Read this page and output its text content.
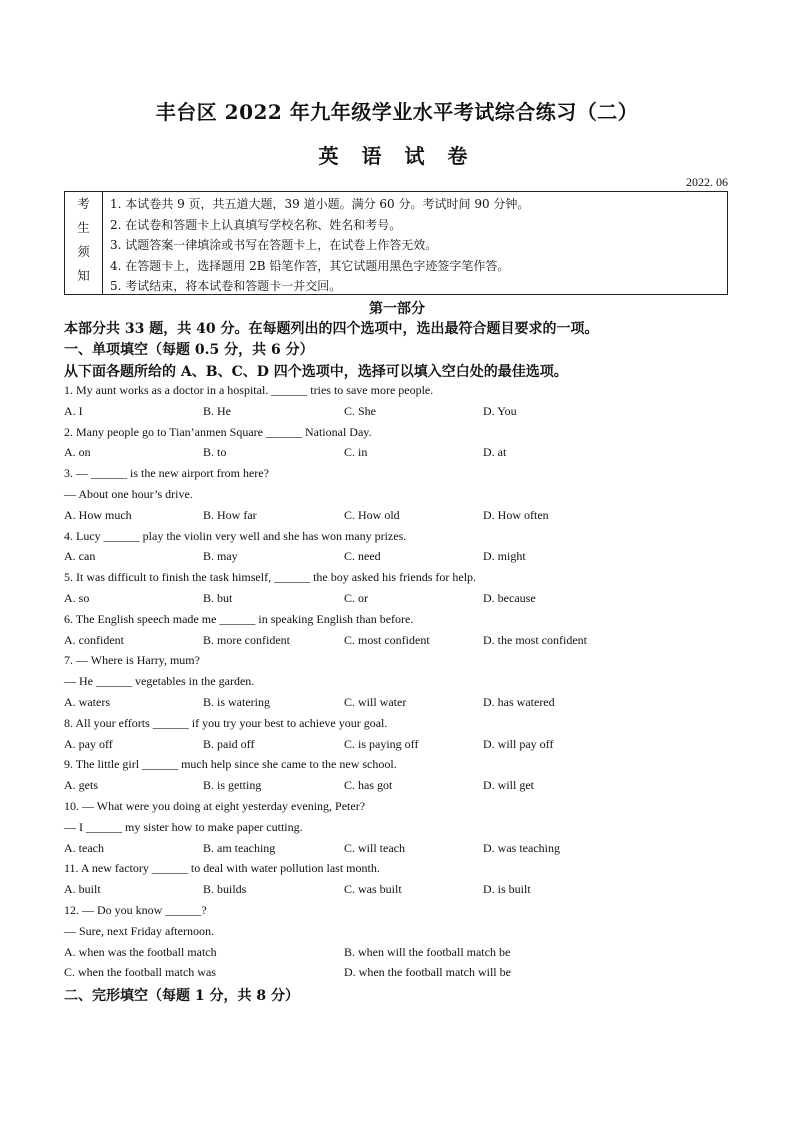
丰台区 2022 年九年级学业水平考试综合练习（二）
英 语 试 卷
2022. 06
考
生
须
知
1. 本试卷共 9 页，共五道大题，39 道小题。满分 60 分。考试时间 90 分钟。
2. 在试卷和答题卡上认真填写学校名称、姓名和考号。
3. 试题答案一律填涂或书写在答题卡上，在试卷上作答无效。
4. 在答题卡上，选择题用 2B 铅笔作答，其它试题用黑色字迹签字笔作答。
5. 考试结束，将本试卷和答题卡一并交回。
第一部分
本部分共 33 题，共 40 分。在每题列出的四个选项中，选出最符合题目要求的一项。
一、单项填空（每题 0.5 分，共 6 分）
从下面各题所给的 A、B、C、D 四个选项中，选择可以填入空白处的最佳选项。
1. My aunt works as a doctor in a hospital. ______ tries to save more people.
A. I	B. He	C. She	D. You
2. Many people go to Tian’anmen Square ______ National Day.
A. on	B. to	C. in	D. at
3. — ______ is the new airport from here?
— About one hour’s drive.
A. How much	B. How far	C. How old	D. How often
4. Lucy ______ play the violin very well and she has won many prizes.
A. can	B. may	C. need	D. might
5. It was difficult to finish the task himself, ______ the boy asked his friends for help.
A. so	B. but	C. or	D. because
6. The English speech made me ______ in speaking English than before.
A. confident	B. more confident	C. most confident	D. the most confident
7. — Where is Harry, mum?
— He ______ vegetables in the garden.
A. waters	B. is watering	C. will water	D. has watered
8. All your efforts ______ if you try your best to achieve your goal.
A. pay off	B. paid off	C. is paying off	D. will pay off
9. The little girl ______ much help since she came to the new school.
A. gets	B. is getting	C. has got	D. will get
10. — What were you doing at eight yesterday evening, Peter?
— I ______ my sister how to make paper cutting.
A. teach	B. am teaching	C. will teach	D. was teaching
11. A new factory ______ to deal with water pollution last month.
A. built	B. builds	C. was built	D. is built
12. — Do you know ______?
— Sure, next Friday afternoon.
A. when was the football match	B. when will the football match be
C. when the football match was	D. when the football match will be
二、完形填空（每题 1 分，共 8 分）
